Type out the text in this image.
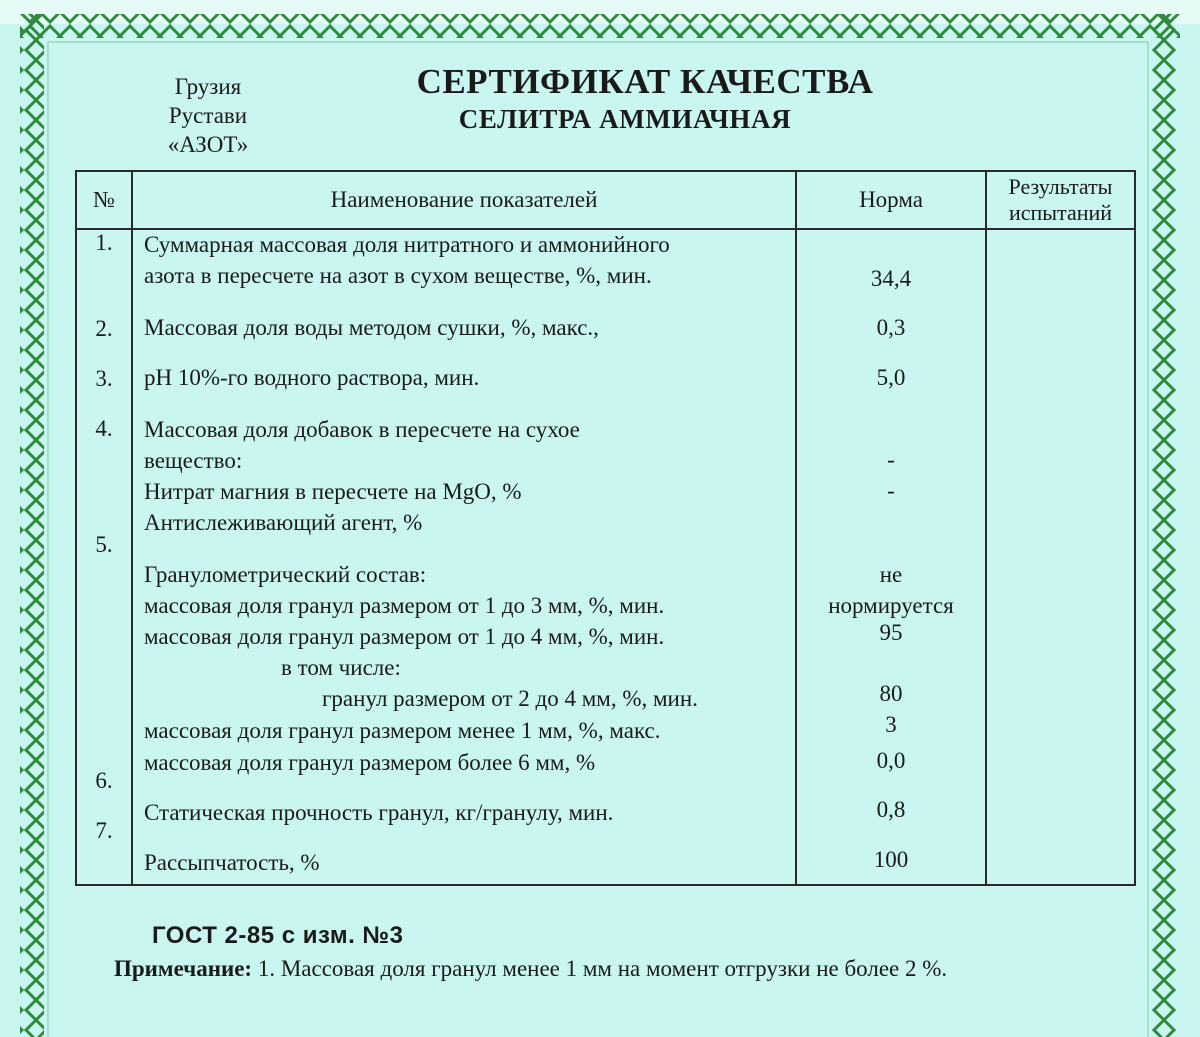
Грузия
Рустави
«АЗОТ»
СЕРТИФИКАТ КАЧЕСТВА
СЕЛИТРА АММИАЧНАЯ
№	Наименование показателей	Норма
Результаты
испытаний
1.
2.
3.
4.
5.
6.
7.
Суммарная массовая доля нитратного и аммонийного
азота в пересчете на азот в сухом веществе, %, мин.
Массовая доля воды методом сушки, %, макс.,
pH 10%-го водного раствора, мин.
Массовая доля добавок в пересчете на сухое
вещество:
Нитрат магния в пересчете на MgO, %
Антислеживающий агент, %
Гранулометрический состав:
массовая доля гранул размером от 1 до 3 мм, %, мин.
массовая доля гранул размером от 1 до 4 мм, %, мин.
в том числе:
гранул размером от 2 до 4 мм, %, мин.
массовая доля гранул размером менее 1 мм, %, макс.
массовая доля гранул размером более 6 мм, %
Статическая прочность гранул, кг/гранулу, мин.
Рассыпчатость, %
34,4
0,3
5,0
-
-
не
нормируется
95
80
3
0,0
0,8
100
ГОСТ 2-85 с изм. №3
Примечание: 1. Массовая доля гранул менее 1 мм на момент отгрузки не более 2 %.
